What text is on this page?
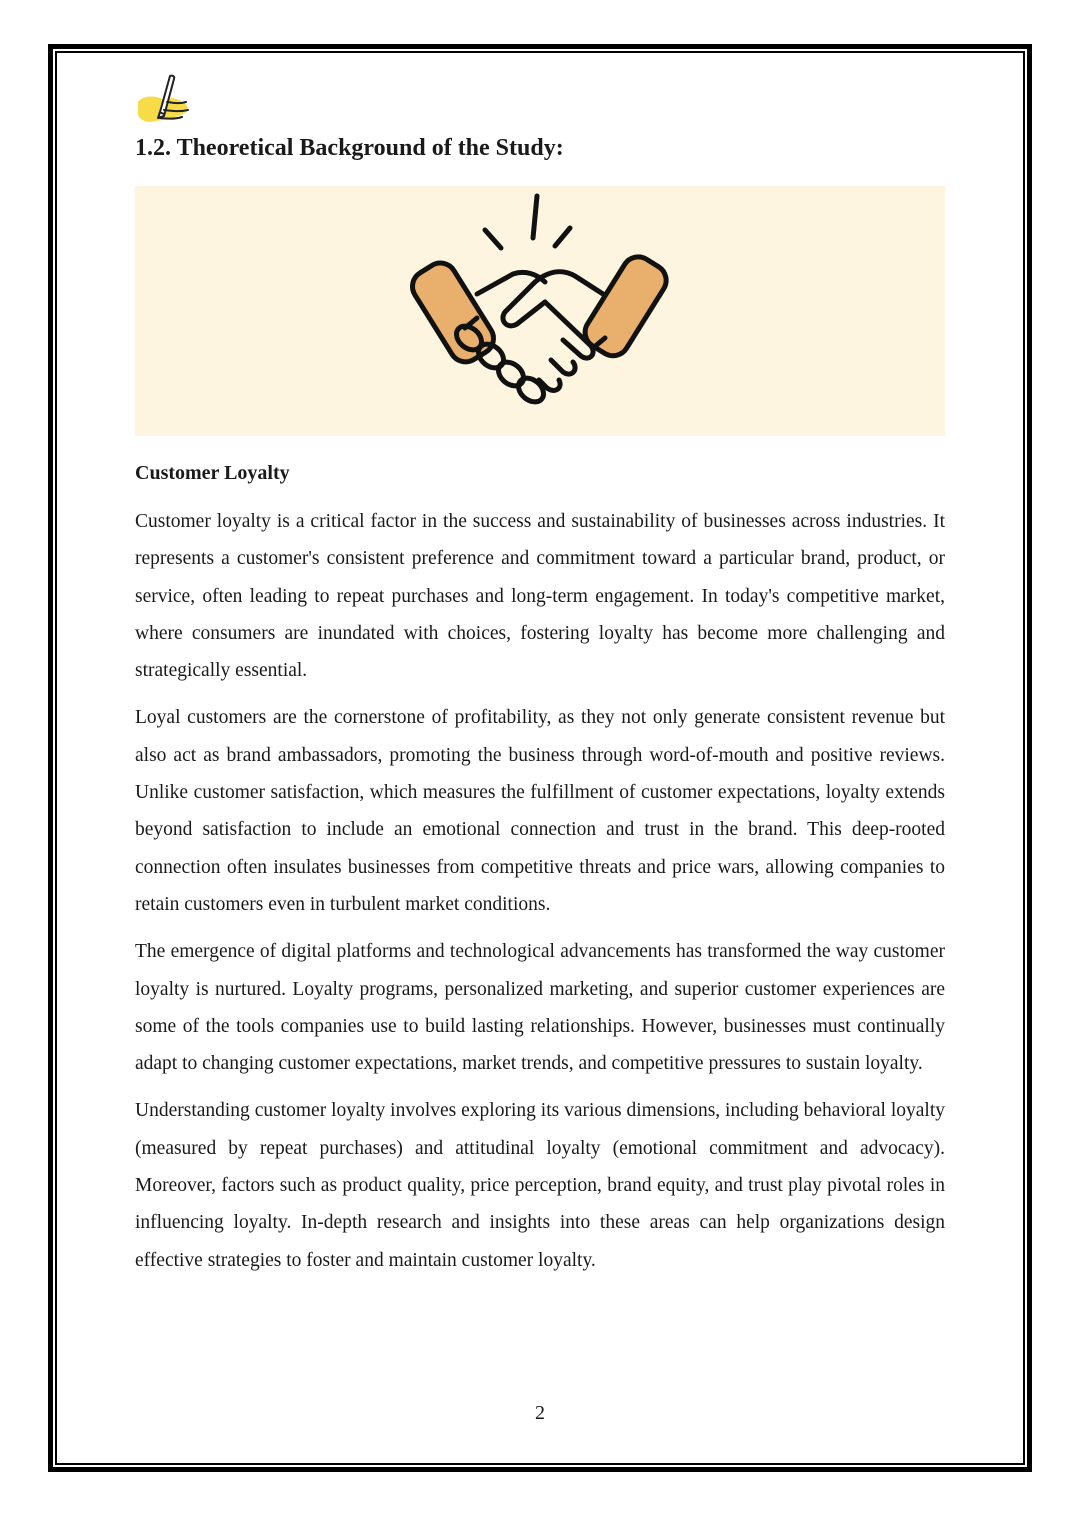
1.2. Theoretical Background of the Study:
Customer Loyalty

Customer loyalty is a critical factor in the success and sustainability of businesses across industries. It represents a customer's consistent preference and commitment toward a particular brand, product, or service, often leading to repeat purchases and long-term engagement. In today's competitive market, where consumers are inundated with choices, fostering loyalty has become more challenging and strategically essential.

Loyal customers are the cornerstone of profitability, as they not only generate consistent revenue but also act as brand ambassadors, promoting the business through word-of-mouth and positive reviews. Unlike customer satisfaction, which measures the fulfillment of customer expectations, loyalty extends beyond satisfaction to include an emotional connection and trust in the brand. This deep-rooted connection often insulates businesses from competitive threats and price wars, allowing companies to retain customers even in turbulent market conditions.

The emergence of digital platforms and technological advancements has transformed the way customer loyalty is nurtured. Loyalty programs, personalized marketing, and superior customer experiences are some of the tools companies use to build lasting relationships. However, businesses must continually adapt to changing customer expectations, market trends, and competitive pressures to sustain loyalty.

Understanding customer loyalty involves exploring its various dimensions, including behavioral loyalty (measured by repeat purchases) and attitudinal loyalty (emotional commitment and advocacy). Moreover, factors such as product quality, price perception, brand equity, and trust play pivotal roles in influencing loyalty. In-depth research and insights into these areas can help organizations design effective strategies to foster and maintain customer loyalty.

2
